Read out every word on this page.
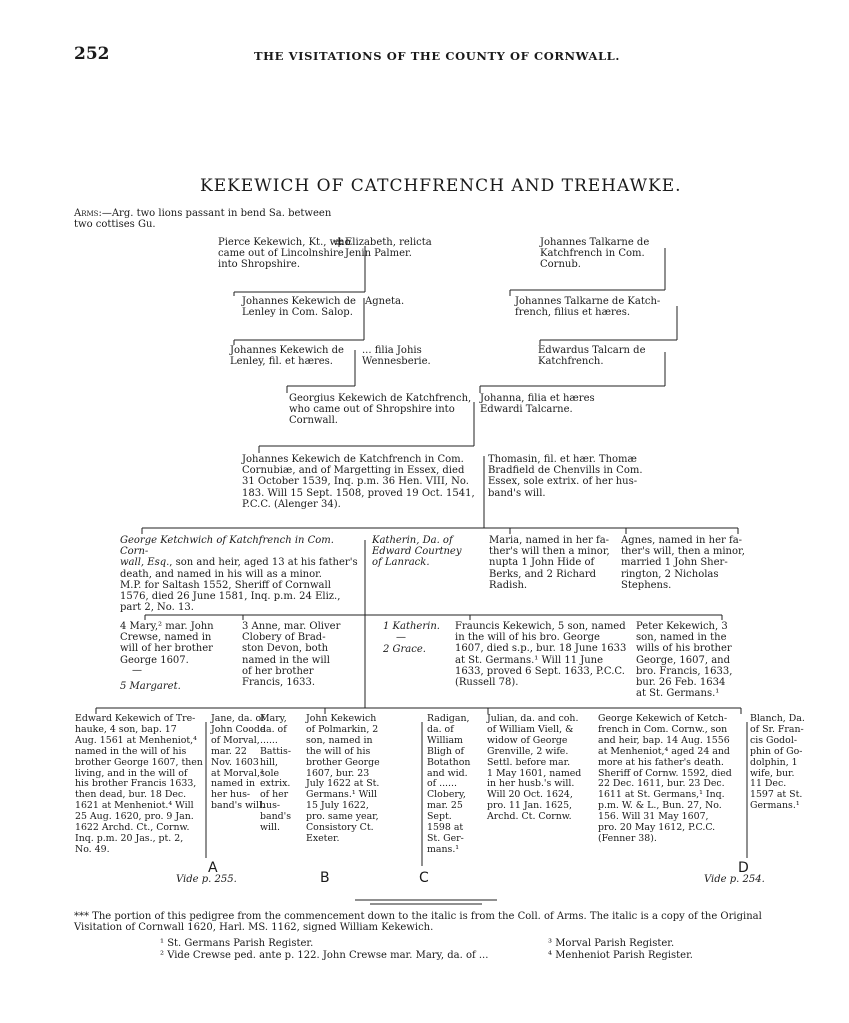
252	THE VISITATIONS OF THE COUNTY OF CORNWALL.
KEKEWICH OF CATCHFRENCH AND TREHAWKE.
Arms:—Arg. two lions passant in bend Sa. between
two cottises Gu.
Pierce Kekewich, Kt., who
came out of Lincolnshire
into Shropshire.
Elizabeth, relicta
Jenin Palmer.
Johannes Talkarne de
Katchfrench in Com.
Cornub.
Johannes Kekewich de
Lenley in Com. Salop.
Agneta.	Johannes Talkarne de Katch-
french, filius et hæres.
Johannes Kekewich de
Lenley, fil. et hæres.
... filia Johis
Wennesberie.
Edwardus Talcarn de
Katchfrench.
Georgius Kekewich de Katchfrench,
who came out of Shropshire into
Cornwall.
Johanna, filia et hæres
Edwardi Talcarne.
Johannes Kekewich de Katchfrench in Com.
Cornubiæ, and of Margetting in Essex, died
31 October 1539, Inq. p.m. 36 Hen. VIII, No.
183. Will 15 Sept. 1508, proved 19 Oct. 1541,
P.C.C. (Alenger 34).
Thomasin, fil. et hær. Thomæ
Bradfield de Chenvills in Com.
Essex, sole extrix. of her hus-
band's will.
George Ketchwich of Katchfrench in Com. Corn-
wall, Esq., son and heir, aged 13 at his father's
death, and named in his will as a minor.
M.P. for Saltash 1552, Sheriff of Cornwall
1576, died 26 June 1581, Inq. p.m. 24 Eliz.,
part 2, No. 13.
Katherin, Da. of
Edward Courtney
of Lanrack.
Maria, named in her fa-
ther's will then a minor,
nupta 1 John Hide of
Berks, and 2 Richard
Radish.
Agnes, named in her fa-
ther's will, then a minor,
married 1 John Sher-
rington, 2 Nicholas
Stephens.
4 Mary,² mar. John
Crewse, named in
will of her brother
George 1607.
—
5 Margaret.
3 Anne, mar. Oliver
Clobery of Brad-
ston Devon, both
named in the will
of her brother
Francis, 1633.
1 Katherin.
2 Grace.
—
Frauncis Kekewich, 5 son, named
in the will of his bro. George
1607, died s.p., bur. 18 June 1633
at St. Germans.¹ Will 11 June
1633, proved 6 Sept. 1633, P.C.C.
(Russell 78).
Peter Kekewich, 3
son, named in the
wills of his brother
George, 1607, and
bro. Francis, 1633,
bur. 26 Feb. 1634
at St. Germans.¹
Edward Kekewich of Tre-
hauke, 4 son, bap. 17
Aug. 1561 at Menheniot,⁴
named in the will of his
brother George 1607, then
living, and in the will of
his brother Francis 1633,
then dead, bur. 18 Dec.
1621 at Menheniot.⁴ Will
25 Aug. 1620, pro. 9 Jan.
1622 Archd. Ct., Cornw.
Inq. p.m. 20 Jas., pt. 2,
No. 49.
Jane, da. of
John Coode
of Morval,
mar. 22
Nov. 1603
at Morval,³
named in
her hus-
band's will.
Mary,
da. of
......
Battis-
hill,
sole
extrix.
of her
hus-
band's
will.
John Kekewich
of Polmarkin, 2
son, named in
the will of his
brother George
1607, bur. 23
July 1622 at St.
Germans.¹ Will
15 July 1622,
pro. same year,
Consistory Ct.
Exeter.
Radigan,
da. of
William
Bligh of
Botathon
and wid.
of ......
Clobery,
mar. 25
Sept.
1598 at
St. Ger-
mans.¹
Julian, da. and coh.
of William Viell, &
widow of George
Grenville, 2 wife.
Settl. before mar.
1 May 1601, named
in her husb.'s will.
Will 20 Oct. 1624,
pro. 11 Jan. 1625,
Archd. Ct. Cornw.
George Kekewich of Ketch-
french in Com. Cornw., son
and heir, bap. 14 Aug. 1556
at Menheniot,⁴ aged 24 and
more at his father's death.
Sheriff of Cornw. 1592, died
22 Dec. 1611, bur. 23 Dec.
1611 at St. Germans,¹ Inq.
p.m. W. & L., Bun. 27, No.
156. Will 31 May 1607,
pro. 20 May 1612, P.C.C.
(Fenner 38).
Blanch, Da.
of Sr. Fran-
cis Godol-
phin of Go-
dolphin, 1
wife, bur.
11 Dec.
1597 at St.
Germans.¹
A
Vide p. 255.	B	C
D
Vide p. 254.
*** The portion of this pedigree from the commencement down to the italic is from the Coll. of Arms. The italic is a copy of the Original
Visitation of Cornwall 1620, Harl. MS. 1162, signed William Kekewich.
¹ St. Germans Parish Register.
² Vide Crewse ped. ante p. 122. John Crewse mar. Mary, da. of ...
³ Morval Parish Register.
⁴ Menheniot Parish Register.
